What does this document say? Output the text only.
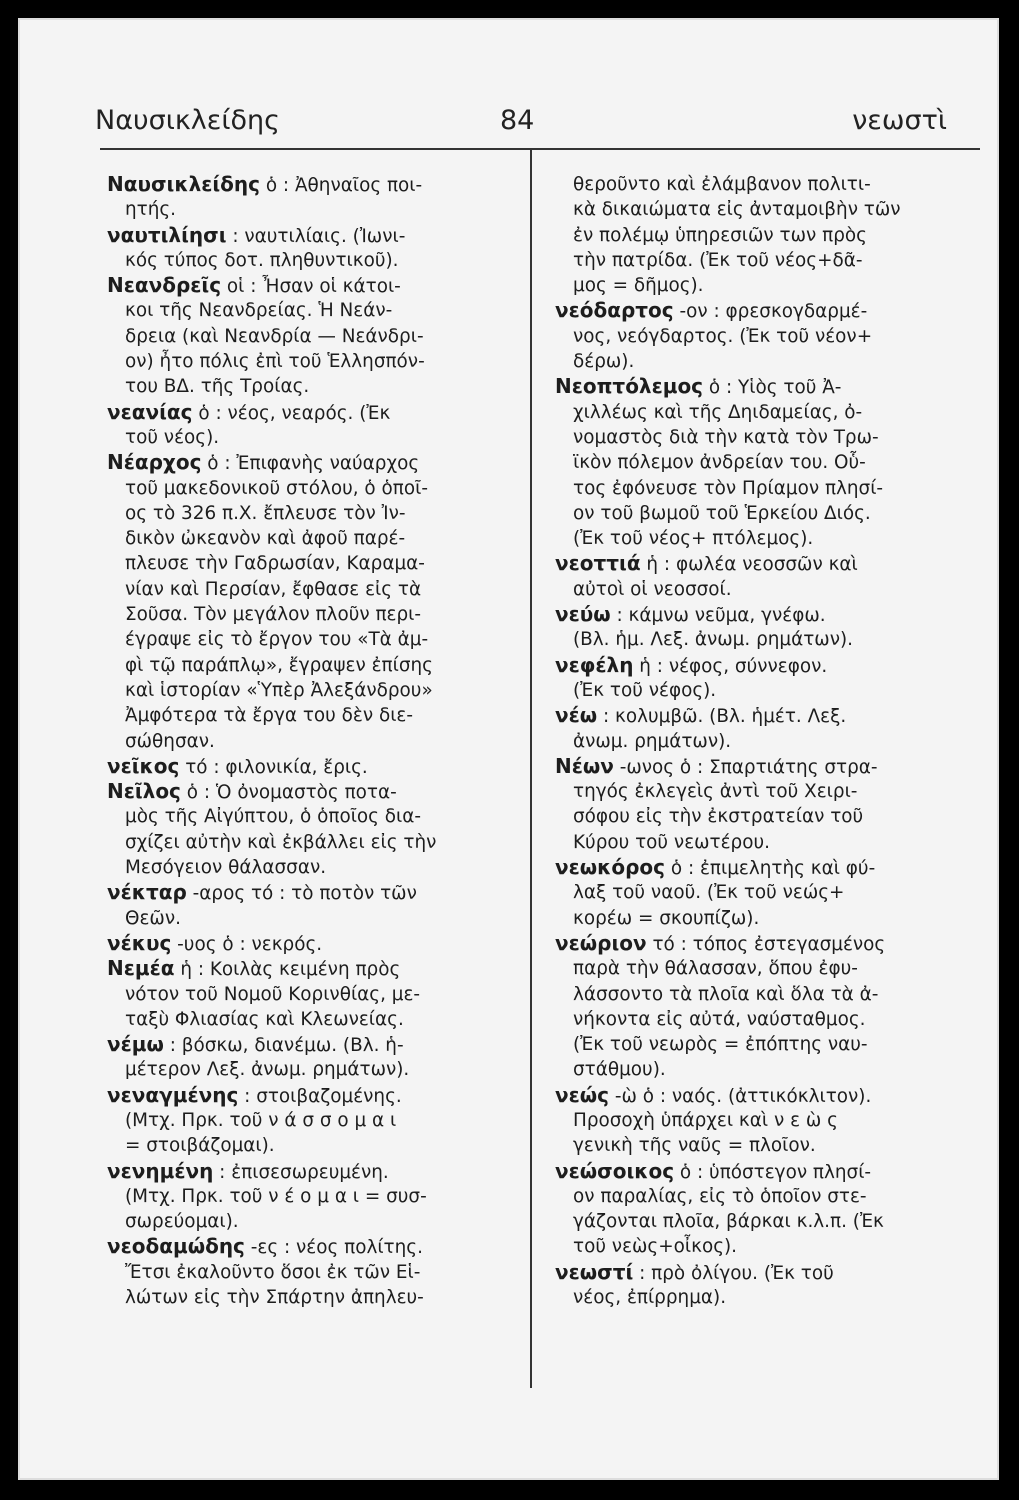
Ναυσικλείδης	84	νεωστὶ
Ναυσικλείδης ὁ : Ἀθηναῖος ποι-
ητής.
ναυτιλίησι : ναυτιλίαις. (Ἰωνι-
κός τύπος δοτ. πληθυντικοῦ).
Νεανδρεῖς οἱ : Ἦσαν οἱ κάτοι-
κοι τῆς Νεανδρείας. Ἡ Νεάν-
δρεια (καὶ Νεανδρία — Νεάνδρι-
ον) ἦτο πόλις ἐπὶ τοῦ Ἑλλησπόν-
του ΒΔ. τῆς Τροίας.
νεανίας ὁ : νέος, νεαρός. (Ἐκ
τοῦ νέος).
Νέαρχος ὁ : Ἐπιφανὴς ναύαρχος
τοῦ μακεδονικοῦ στόλου, ὁ ὁποῖ-
ος τὸ 326 π.Χ. ἔπλευσε τὸν Ἰν-
δικὸν ὠκεανὸν καὶ ἀφοῦ παρέ-
πλευσε τὴν Γαδρωσίαν, Καραμα-
νίαν καὶ Περσίαν, ἔφθασε εἰς τὰ
Σοῦσα. Τὸν μεγάλον πλοῦν περι-
έγραψε εἰς τὸ ἔργον του «Τὰ ἀμ-
φὶ τῷ παράπλῳ», ἔγραψεν ἐπίσης
καὶ ἱστορίαν «Ὑπὲρ Ἀλεξάνδρου»
Ἀμφότερα τὰ ἔργα του δὲν διε-
σώθησαν.
νεῖκος τό : φιλονικία, ἔρις.
Νεῖλος ὁ : Ὁ ὀνομαστὸς ποτα-
μὸς τῆς Αἰγύπτου, ὁ ὁποῖος δια-
σχίζει αὐτὴν καὶ ἐκβάλλει εἰς τὴν
Μεσόγειον θάλασσαν.
νέκταρ -αρος τό : τὸ ποτὸν τῶν
Θεῶν.
νέκυς -υος ὁ : νεκρός.
Νεμέα ἡ : Κοιλὰς κειμένη πρὸς
νότον τοῦ Νομοῦ Κορινθίας, με-
ταξὺ Φλιασίας καὶ Κλεωνείας.
νέμω : βόσκω, διανέμω. (Βλ. ἡ-
μέτερον Λεξ. ἀνωμ. ρημάτων).
νεναγμένης : στοιβαζομένης.
(Μτχ. Πρκ. τοῦ ν ά σ σ ο μ α ι
= στοιβάζομαι).
νενημένη : ἐπισεσωρευμένη.
(Μτχ. Πρκ. τοῦ ν έ ο μ α ι = συσ-
σωρεύομαι).
νεοδαμώδης -ες : νέος πολίτης.
Ἔτσι ἐκαλοῦντο ὅσοι ἐκ τῶν Εἱ-
λώτων εἰς τὴν Σπάρτην ἀπηλευ-
θεροῦντο καὶ ἐλάμβανον πολιτι-
κὰ δικαιώματα εἰς ἀνταμοιβὴν τῶν
ἐν πολέμῳ ὑπηρεσιῶν των πρὸς
τὴν πατρίδα. (Ἐκ τοῦ νέος+δᾶ-
μος = δῆμος).
νεόδαρτος -ον : φρεσκογδαρμέ-
νος, νεόγδαρτος. (Ἐκ τοῦ νέον+
δέρω).
Νεοπτόλεμος ὁ : Υἱὸς τοῦ Ἀ-
χιλλέως καὶ τῆς Δηιδαμείας, ὀ-
νομαστὸς διὰ τὴν κατὰ τὸν Τρω-
ϊκὸν πόλεμον ἀνδρείαν του. Οὗ-
τος ἐφόνευσε τὸν Πρίαμον πλησί-
ον τοῦ βωμοῦ τοῦ Ἑρκείου Διός.
(Ἐκ τοῦ νέος+ πτόλεμος).
νεοττιά ἡ : φωλέα νεοσσῶν καὶ
αὐτοὶ οἱ νεοσσοί.
νεύω : κάμνω νεῦμα, γνέφω.
(Βλ. ἡμ. Λεξ. ἀνωμ. ρημάτων).
νεφέλη ἡ : νέφος, σύννεφον.
(Ἐκ τοῦ νέφος).
νέω : κολυμβῶ. (Βλ. ἡμέτ. Λεξ.
ἀνωμ. ρημάτων).
Νέων -ωνος ὁ : Σπαρτιάτης στρα-
τηγός ἐκλεγεὶς ἀντὶ τοῦ Χειρι-
σόφου εἰς τὴν ἐκστρατείαν τοῦ
Κύρου τοῦ νεωτέρου.
νεωκόρος ὁ : ἐπιμελητὴς καὶ φύ-
λαξ τοῦ ναοῦ. (Ἐκ τοῦ νεώς+
κορέω = σκουπίζω).
νεώριον τό : τόπος ἐστεγασμένος
παρὰ τὴν θάλασσαν, ὅπου ἐφυ-
λάσσοντο τὰ πλοῖα καὶ ὅλα τὰ ἀ-
νήκοντα εἰς αὐτά, ναύσταθμος.
(Ἐκ τοῦ νεωρὸς = ἐπόπτης ναυ-
στάθμου).
νεώς -ὼ ὁ : ναός. (ἀττικόκλιτον).
Προσοχὴ ὑπάρχει καὶ ν ε ὼ ς
γενικὴ τῆς ναῦς = πλοῖον.
νεώσοικος ὁ : ὑπόστεγον πλησί-
ον παραλίας, εἰς τὸ ὁποῖον στε-
γάζονται πλοῖα, βάρκαι κ.λ.π. (Ἐκ
τοῦ νεὼς+οἶκος).
νεωστί : πρὸ ὀλίγου. (Ἐκ τοῦ
νέος, ἐπίρρημα).
